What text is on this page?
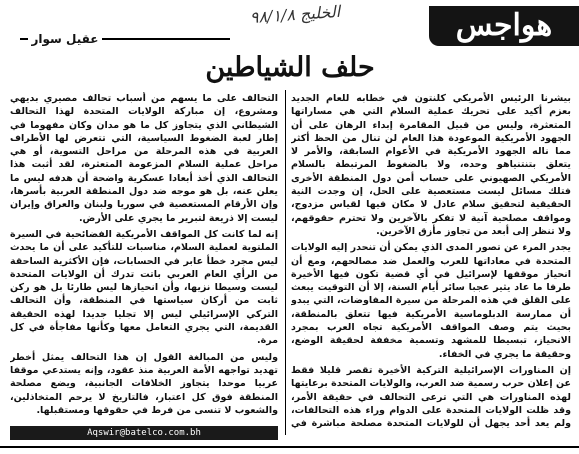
هواجس
الخليج ٩٨/١/٨
عقيل سوار
حلف الشياطين

بيشرنا الرئيس الأمريكي كلنتون في خطابه للعام الجديد بعزم أكيد على تحريك عملية السلام التي هي مساراتها المتعثرة، وليس من قبيل المقامرة إبداء الرهان على أن الجهود الأمريكية الموعودة هذا العام لن تنال من الحظ أكثر مما ناله الجهود الأمريكية في الأعوام السابقة، والأمر لا يتعلق بتنتنياهو وحده، ولا بالضغوط المرتبطة بالسلام الأمريكي الصهيوني على حساب أمن دول المنطقة الأخرى فتلك مسائل ليست مستعصية على الحل، إن وجدت النية الحقيقية لتحقيق سلام عادل لا مكان فيها لقياس مزدوج، ومواقف مصلحية آنية لا تفكر بالآخرين ولا تحترم حقوقهم، ولا تنظر إلى أبعد من تجاوز مأزق الآخرين.

يجدر المرء عن تصور المدى الذي يمكن أن تنحدر إليه الولايات المتحدة في معاداتها للعرب والعمل ضد مصالحهم، ومع أن انحياز موقفها لإسرائيل في أي قضية تكون فيها الأخيرة طرفا ما عاد يثير عجبا سائر أيام السنة، إلا أن التوقيت يبعث على القلق في هذه المرحلة من سيرة المفاوضات، التي يبدو أن ممارسة الدبلوماسية الأمريكية فيها تتعلق بالمنطقة، بحيث يتم وصف المواقف الأمريكية تجاه العرب بمجرد الانحياز، تبسيطا للمشهد وتسمية مخففة لحقيقة الوضع، وحقيقة ما يجري في الخفاء.

إن المناورات الإسرائيلية التركية الأخيرة تقصر قليلا فقط عن إعلان حرب رسمية ضد العرب، والولايات المتحدة برعايتها لهذه المناورات هي التي ترعى التحالف في حقيقة الأمر، وقد ظلت الولايات المتحدة على الدوام وراء هذه التحالفات، ولم يعد أحد يجهل أن للولايات المتحدة مصلحة مباشرة في

التحالف على ما يسهم من أسباب تحالف مصيري بديهي ومشروع، إن مباركة الولايات المتحدة لهذا التحالف الشيطاني الذي يتجاوز كل ما هو مدان وكان مفهوما في إطار لعبة الضغوط السياسية، التي تتعرض لها الأطراف العربية في هذه المرحلة من مراحل التسوية، أو هي مراحل عملية السلام المزعومة المتعثرة، لقد أثبت هذا التحالف الذي أخذ أبعادا عسكرية واضحة أن هدفه ليس ما يعلن عنه، بل هو موجه ضد دول المنطقة العربية بأسرها، وإن الأرقام المستعصية في سوريا ولبنان والعراق وإيران ليست إلا ذريعة لتبرير ما يجري على الأرض.

إنه لما كانت كل المواقف الأمريكية الفضائحية في السيرة الملتوية لعملية السلام، مناسبات للتأكيد على أن ما يحدث ليس مجرد خطأ عابر في الحسابات، فإن الأكثرية الساحقة من الرأي العام العربي باتت تدرك أن الولايات المتحدة ليست وسيطا نزيها، وأن انحيازها ليس طارئا بل هو ركن ثابت من أركان سياستها في المنطقة، وأن التحالف التركي الإسرائيلي ليس إلا تجليا جديدا لهذه الحقيقة القديمة، التي يجري التعامل معها وكأنها مفاجأة في كل مرة.

وليس من المبالغة القول إن هذا التحالف يمثل أخطر تهديد تواجهه الأمة العربية منذ عقود، وإنه يستدعي موقفا عربيا موحدا يتجاوز الخلافات الجانبية، ويضع مصلحة المنطقة فوق كل اعتبار، فالتاريخ لا يرحم المتخاذلين، والشعوب لا تنسى من فرط في حقوقها ومستقبلها.

Aqswir@batelco.com.bh
